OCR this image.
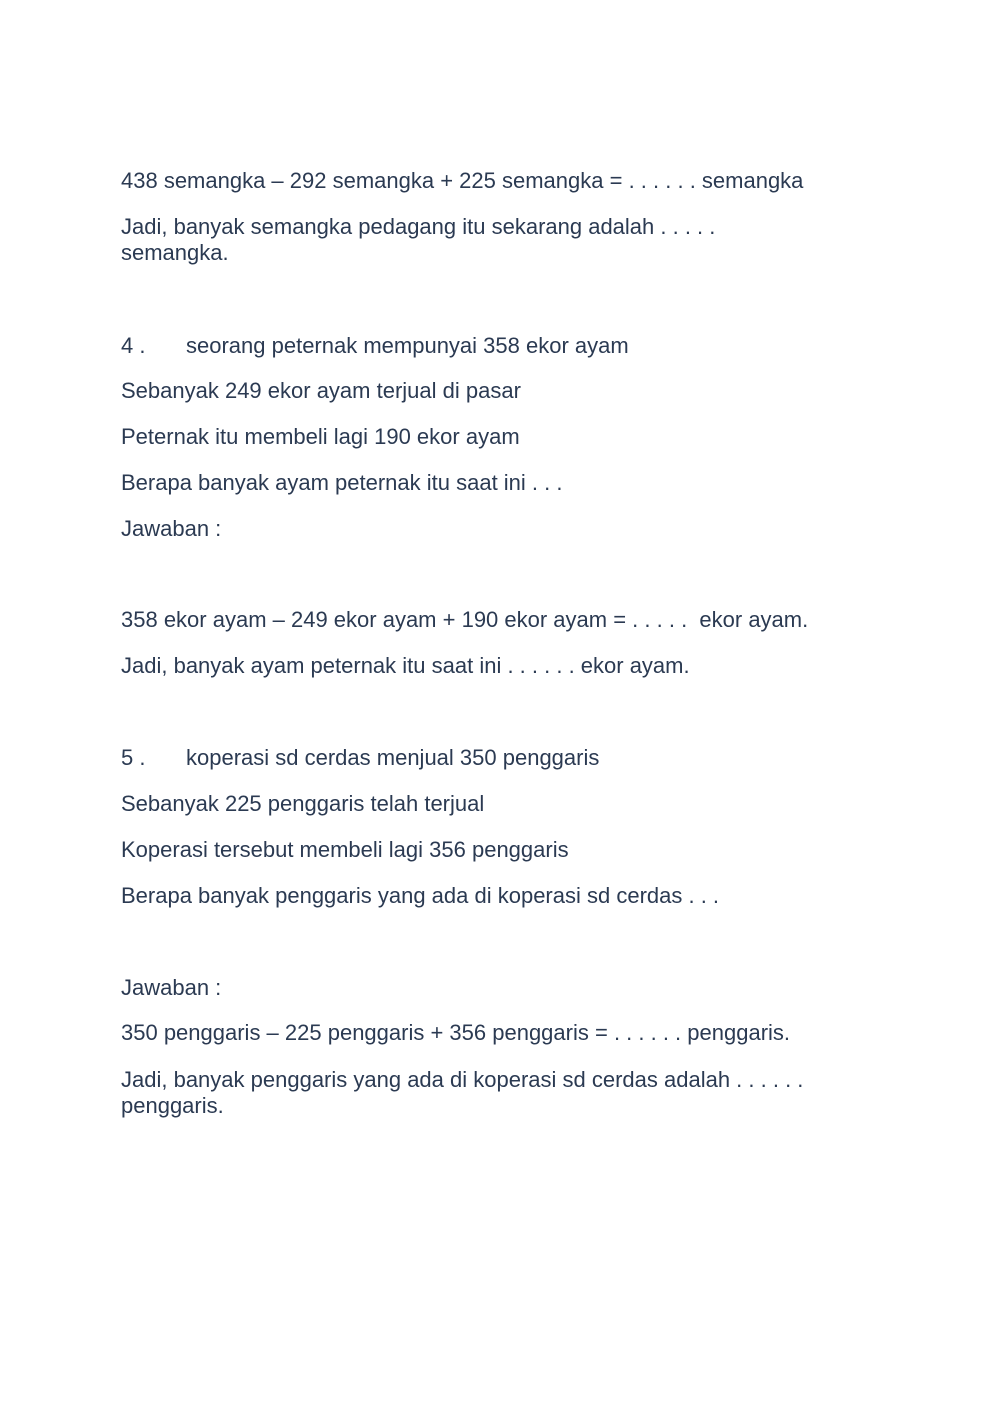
438 semangka – 292 semangka + 225 semangka = . . . . . . semangka
Jadi, banyak semangka pedagang itu sekarang adalah . . . . . semangka.
4 . seorang peternak mempunyai 358 ekor ayam
Sebanyak 249 ekor ayam terjual di pasar
Peternak itu membeli lagi 190 ekor ayam
Berapa banyak ayam peternak itu saat ini . . .
Jawaban :
358 ekor ayam – 249 ekor ayam + 190 ekor ayam = . . . . .  ekor ayam.
Jadi, banyak ayam peternak itu saat ini . . . . . . ekor ayam.
5 . koperasi sd cerdas menjual 350 penggaris
Sebanyak 225 penggaris telah terjual
Koperasi tersebut membeli lagi 356 penggaris
Berapa banyak penggaris yang ada di koperasi sd cerdas . . .
Jawaban :
350 penggaris – 225 penggaris + 356 penggaris = . . . . . . penggaris.
Jadi, banyak penggaris yang ada di koperasi sd cerdas adalah . . . . . . penggaris.
